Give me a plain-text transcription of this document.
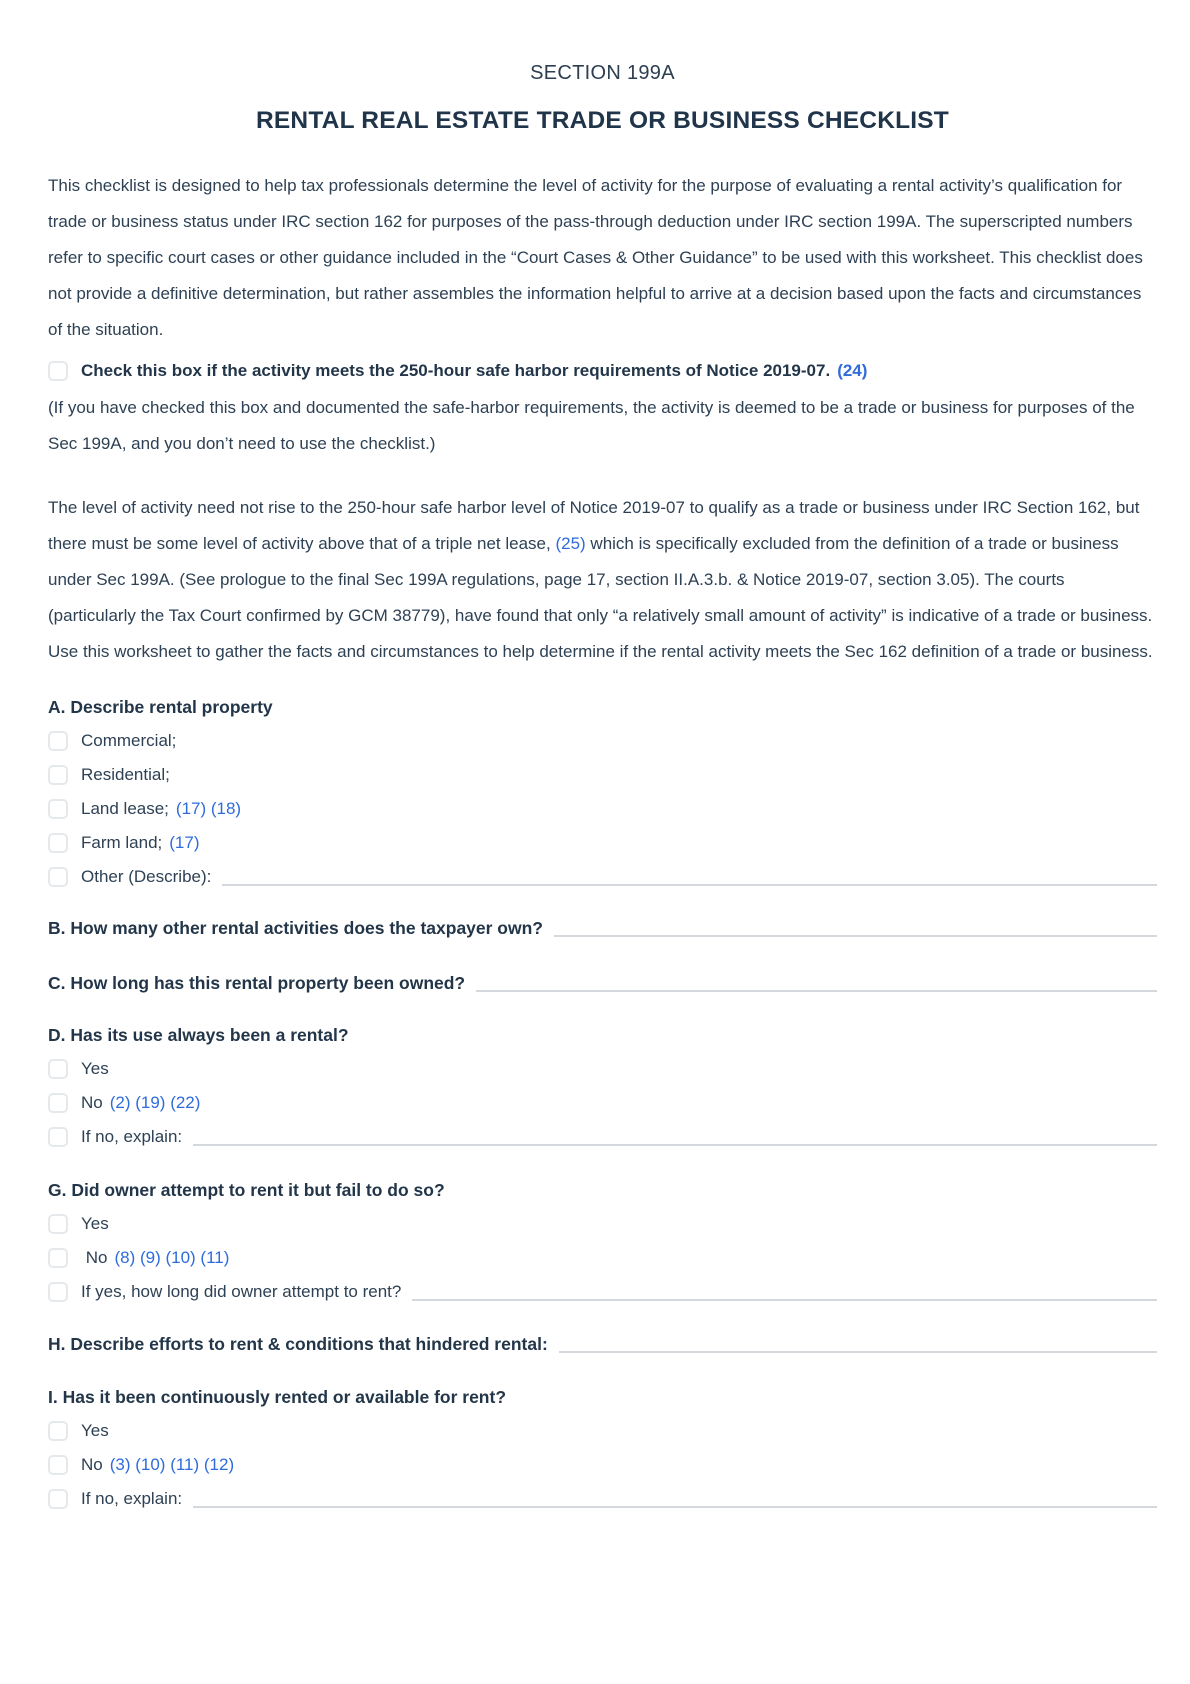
SECTION 199A
RENTAL REAL ESTATE TRADE OR BUSINESS CHECKLIST

This checklist is designed to help tax professionals determine the level of activity for the purpose of evaluating a rental activity’s qualification for trade or business status under IRC section 162 for purposes of the pass-through deduction under IRC section 199A. The superscripted numbers refer to specific court cases or other guidance included in the “Court Cases & Other Guidance” to be used with this worksheet. This checklist does not provide a definitive determination, but rather assembles the information helpful to arrive at a decision based upon the facts and circumstances of the situation.

Check this box if the activity meets the 250-hour safe harbor requirements of Notice 2019-07. (24)

(If you have checked this box and documented the safe-harbor requirements, the activity is deemed to be a trade or business for purposes of the Sec 199A, and you don’t need to use the checklist.)

The level of activity need not rise to the 250-hour safe harbor level of Notice 2019-07 to qualify as a trade or business under IRC Section 162, but there must be some level of activity above that of a triple net lease, (25) which is specifically excluded from the definition of a trade or business under Sec 199A. (See prologue to the final Sec 199A regulations, page 17, section II.A.3.b. & Notice 2019-07, section 3.05). The courts (particularly the Tax Court confirmed by GCM 38779), have found that only “a relatively small amount of activity” is indicative of a trade or business. Use this worksheet to gather the facts and circumstances to help determine if the rental activity meets the Sec 162 definition of a trade or business.

A. Describe rental property
Commercial;
Residential;
Land lease; (17) (18)
Farm land; (17)
Other (Describe):
B. How many other rental activities does the taxpayer own?
C. How long has this rental property been owned?
D. Has its use always been a rental?
Yes
No (2) (19) (22)
If no, explain:
G. Did owner attempt to rent it but fail to do so?
Yes
No (8) (9) (10) (11)
If yes, how long did owner attempt to rent?
H. Describe efforts to rent & conditions that hindered rental:
I. Has it been continuously rented or available for rent?
Yes
No (3) (10) (11) (12)
If no, explain:
